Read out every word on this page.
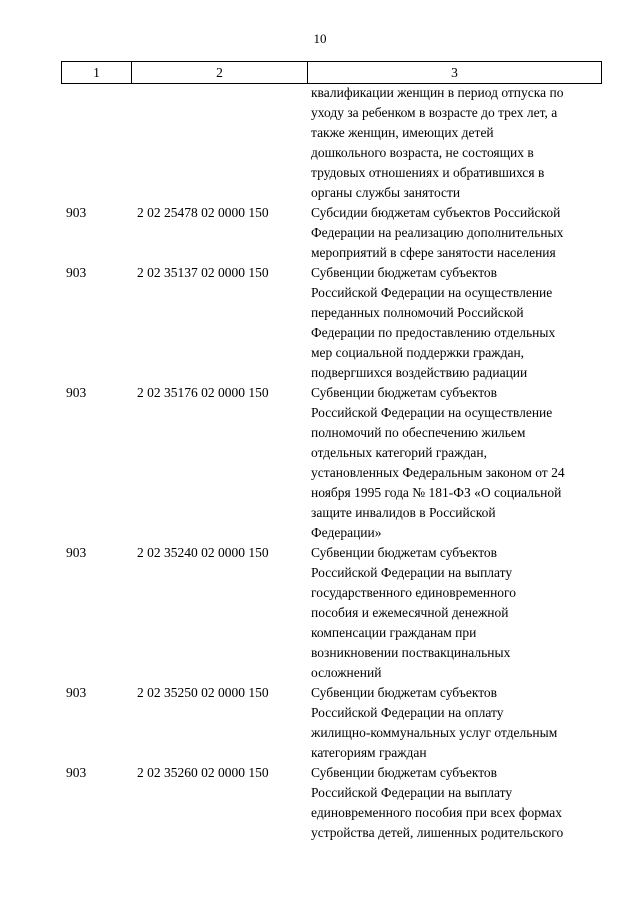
10
1	2	3
квалификации женщин в период отпуска по
уходу за ребенком в возрасте до трех лет, а
также женщин, имеющих детей
дошкольного возраста, не состоящих в
трудовых отношениях и обратившихся в
органы службы занятости
903	2 02 25478 02 0000 150	Субсидии бюджетам субъектов Российской
Федерации на реализацию дополнительных
мероприятий в сфере занятости населения
903	2 02 35137 02 0000 150	Субвенции бюджетам субъектов
Российской Федерации на осуществление
переданных полномочий Российской
Федерации по предоставлению отдельных
мер социальной поддержки граждан,
подвергшихся воздействию радиации
903	2 02 35176 02 0000 150	Субвенции бюджетам субъектов
Российской Федерации на осуществление
полномочий по обеспечению жильем
отдельных категорий граждан,
установленных Федеральным законом от 24
ноября 1995 года № 181-ФЗ «О социальной
защите инвалидов в Российской
Федерации»
903	2 02 35240 02 0000 150	Субвенции бюджетам субъектов
Российской Федерации на выплату
государственного единовременного
пособия и ежемесячной денежной
компенсации гражданам при
возникновении поствакцинальных
осложнений
903	2 02 35250 02 0000 150	Субвенции бюджетам субъектов
Российской Федерации на оплату
жилищно-коммунальных услуг отдельным
категориям граждан
903	2 02 35260 02 0000 150	Субвенции бюджетам субъектов
Российской Федерации на выплату
единовременного пособия при всех формах
устройства детей, лишенных родительского
